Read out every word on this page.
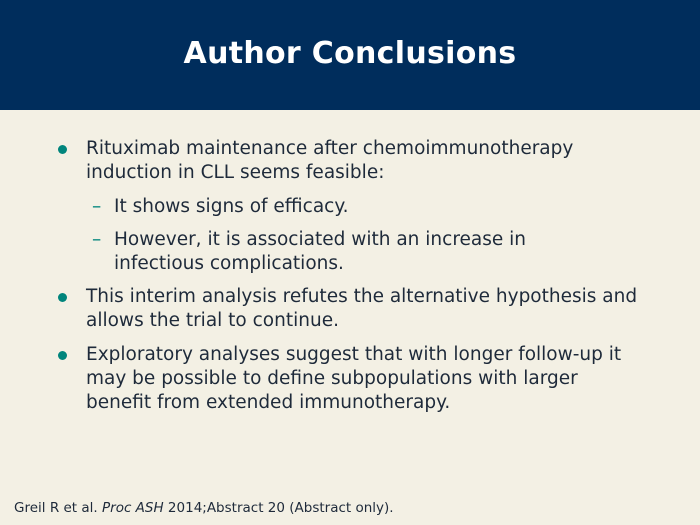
Author Conclusions
Rituximab maintenance after chemoimmunotherapy induction in CLL seems feasible:
– It shows signs of efficacy.
– However, it is associated with an increase in infectious complications.
This interim analysis refutes the alternative hypothesis and allows the trial to continue.
Exploratory analyses suggest that with longer follow-up it may be possible to define subpopulations with larger benefit from extended immunotherapy.
Greil R et al. Proc ASH 2014;Abstract 20 (Abstract only).
